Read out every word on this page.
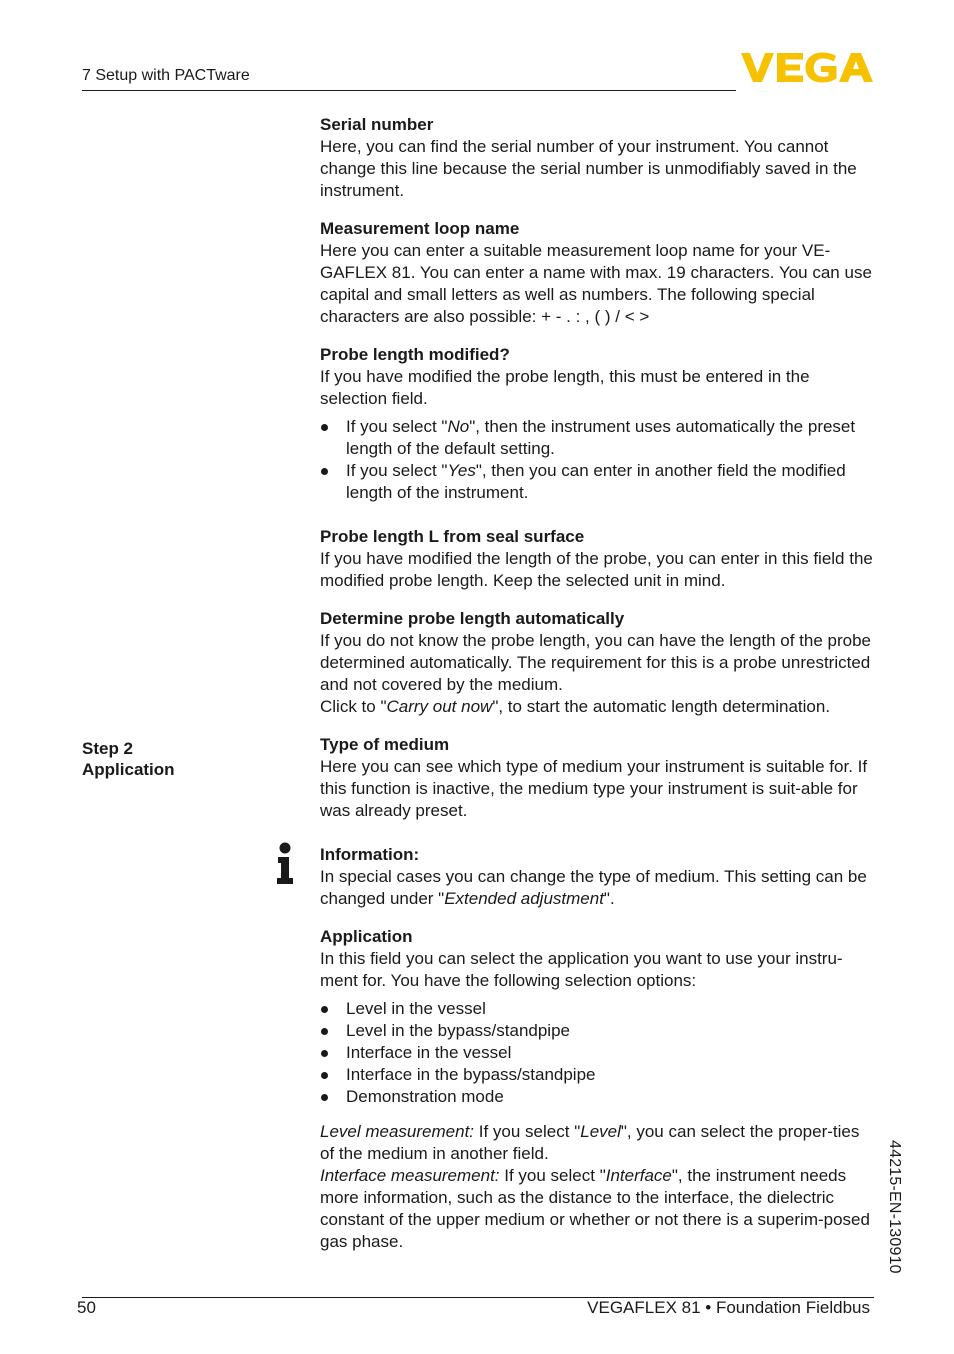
7 Setup with PACTware
Step 2
Application
Serial number

Here, you can find the serial number of your instrument. You cannot change this line because the serial number is unmodifiably saved in the instrument.

Measurement loop name

Here you can enter a suitable measurement loop name for your VE-GAFLEX 81. You can enter a name with max. 19 characters. You can use capital and small letters as well as numbers. The following special characters are also possible: + - . : , ( ) / < >

Probe length modified?

If you have modified the probe length, this must be entered in the selection field.

If you select "No", then the instrument uses automatically the preset length of the default setting.
If you select "Yes", then you can enter in another field the modified length of the instrument.
Probe length L from seal surface

If you have modified the length of the probe, you can enter in this field the modified probe length. Keep the selected unit in mind.

Determine probe length automatically

If you do not know the probe length, you can have the length of the probe determined automatically. The requirement for this is a probe unrestricted and not covered by the medium.

Click to "Carry out now", to start the automatic length determination.

Type of medium

Here you can see which type of medium your instrument is suitable for. If this function is inactive, the medium type your instrument is suit-able for was already preset.

Information:

In special cases you can change the type of medium. This setting can be changed under "Extended adjustment".

Application

In this field you can select the application you want to use your instru-ment for. You have the following selection options:

Level in the vessel
Level in the bypass/standpipe
Interface in the vessel
Interface in the bypass/standpipe
Demonstration mode

Level measurement: If you select "Level", you can select the proper-ties of the medium in another field.

Interface measurement: If you select "Interface", the instrument needs more information, such as the distance to the interface, the dielectric constant of the upper medium or whether or not there is a superim-posed gas phase.	44215-EN-130910
50	VEGAFLEX 81 • Foundation Fieldbus
